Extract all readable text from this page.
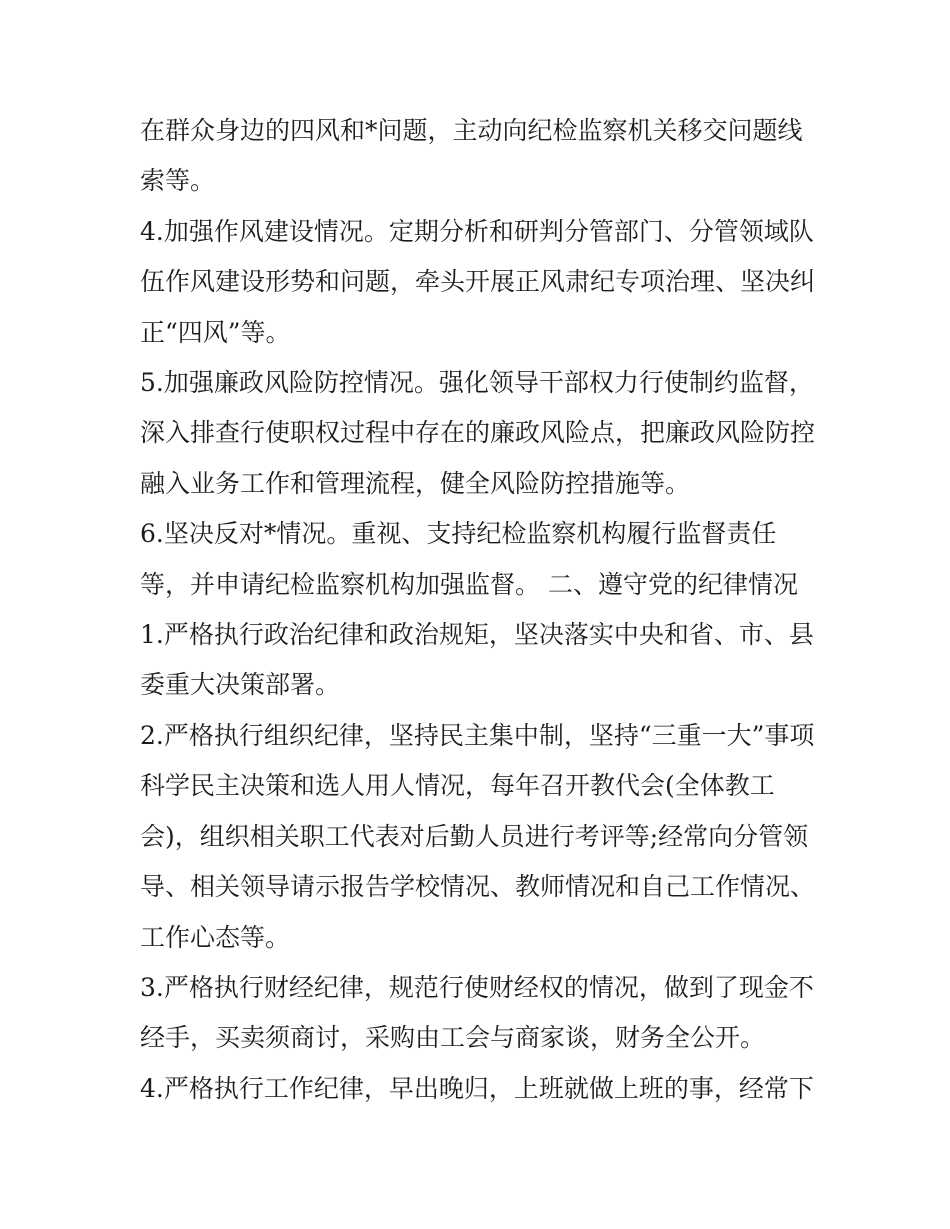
在群众身边的四风和*问题，主动向纪检监察机关移交问题线
索等。
4.加强作风建设情况。定期分析和研判分管部门、分管领域队
伍作风建设形势和问题，牵头开展正风肃纪专项治理、坚决纠
正“四风”等。
5.加强廉政风险防控情况。强化领导干部权力行使制约监督，
深入排查行使职权过程中存在的廉政风险点，把廉政风险防控
融入业务工作和管理流程，健全风险防控措施等。
6.坚决反对*情况。重视、支持纪检监察机构履行监督责任
等，并申请纪检监察机构加强监督。 二、遵守党的纪律情况
1.严格执行政治纪律和政治规矩，坚决落实中央和省、市、县
委重大决策部署。
2.严格执行组织纪律，坚持民主集中制，坚持“三重一大”事项
科学民主决策和选人用人情况，每年召开教代会(全体教工
会)，组织相关职工代表对后勤人员进行考评等;经常向分管领
导、相关领导请示报告学校情况、教师情况和自己工作情况、
工作心态等。
3.严格执行财经纪律，规范行使财经权的情况，做到了现金不
经手，买卖须商讨，采购由工会与商家谈，财务全公开。
4.严格执行工作纪律，早出晚归，上班就做上班的事，经常下
